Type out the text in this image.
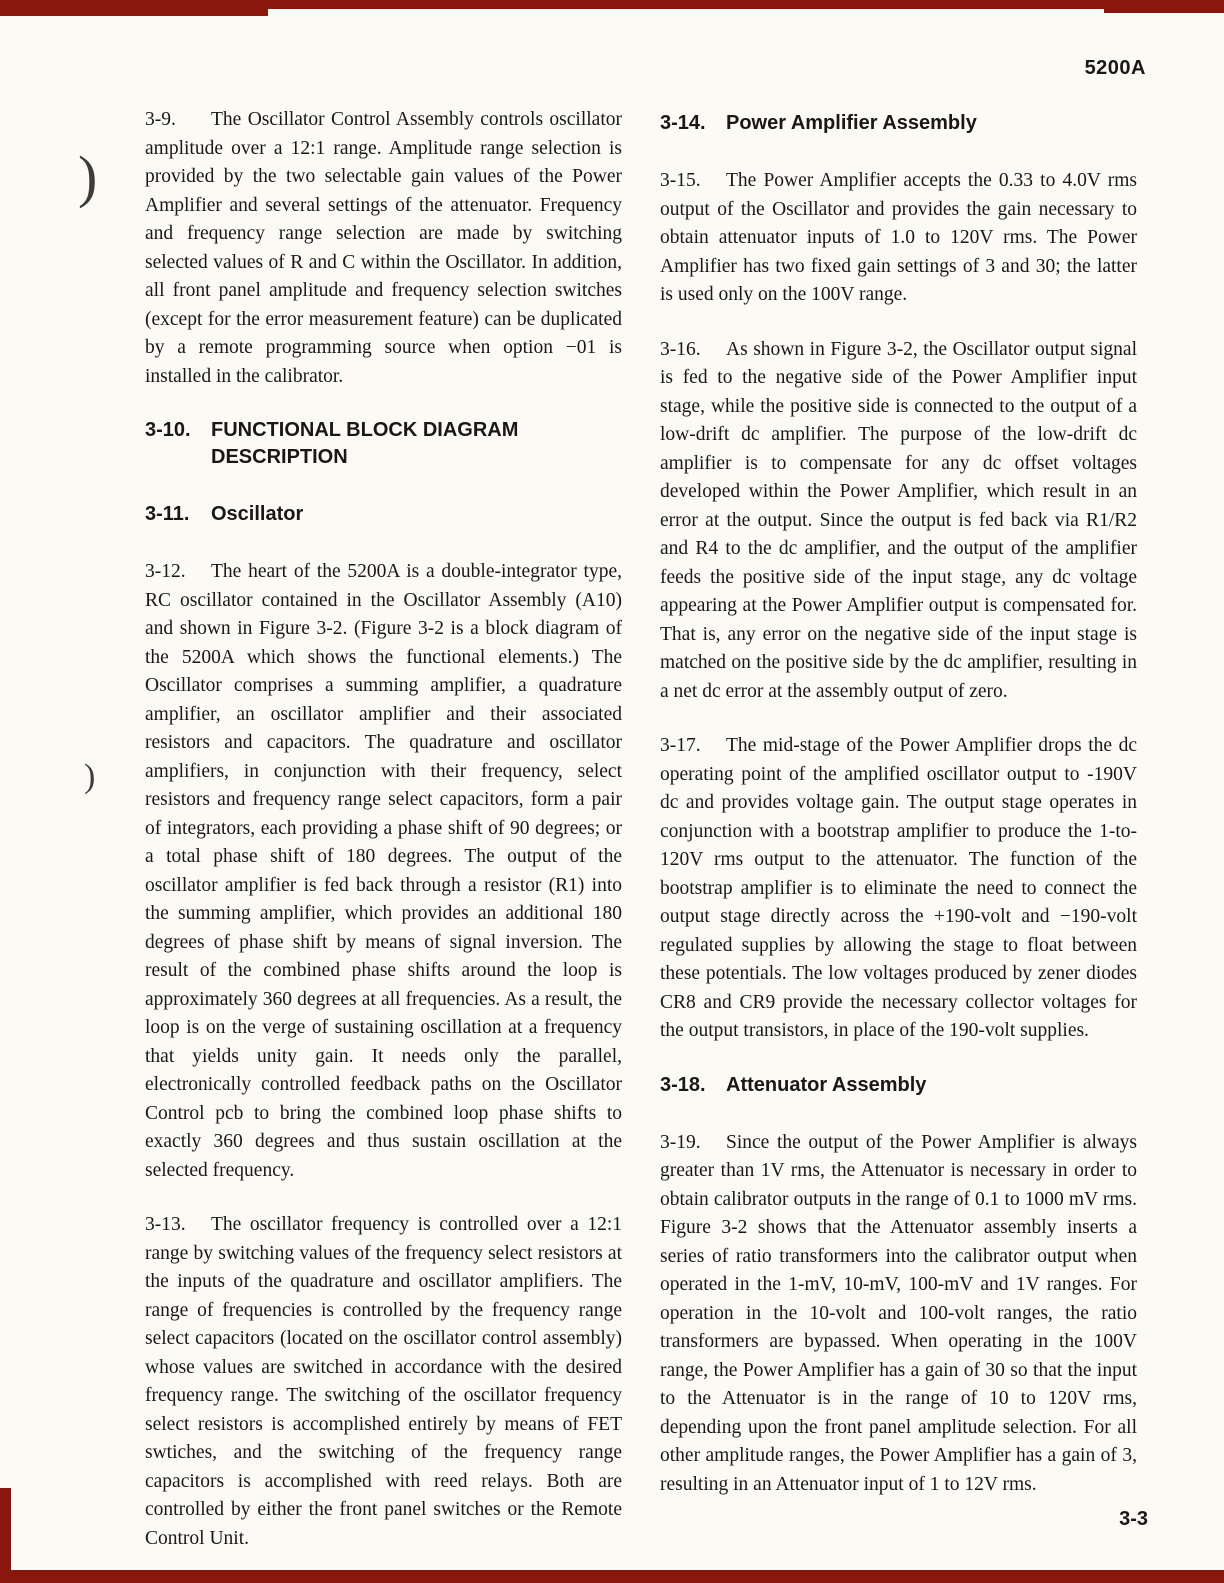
)
)
5200A

3-9. The Oscillator Control Assembly controls oscillator amplitude over a 12:1 range. Amplitude range selection is provided by the two selectable gain values of the Power Amplifier and several settings of the attenuator. Frequency and frequency range selection are made by switching selected values of R and C within the Oscillator. In addition, all front panel amplitude and frequency selection switches (except for the error measurement feature) can be duplicated by a remote programming source when option −01 is installed in the calibrator.

3-10.	FUNCTIONAL BLOCK DIAGRAM DESCRIPTION
3-11.	Oscillator

3-12. The heart of the 5200A is a double-integrator type, RC oscillator contained in the Oscillator Assembly (A10) and shown in Figure 3-2. (Figure 3-2 is a block diagram of the 5200A which shows the functional elements.) The Oscillator comprises a summing amplifier, a quadrature amplifier, an oscillator amplifier and their associated resistors and capacitors. The quadrature and oscillator amplifiers, in conjunction with their frequency, select resistors and frequency range select capacitors, form a pair of integrators, each providing a phase shift of 90 degrees; or a total phase shift of 180 degrees. The output of the oscillator amplifier is fed back through a resistor (R1) into the summing amplifier, which provides an additional 180 degrees of phase shift by means of signal inversion. The result of the combined phase shifts around the loop is approximately 360 degrees at all frequencies. As a result, the loop is on the verge of sustaining oscillation at a frequency that yields unity gain. It needs only the parallel, electronically controlled feedback paths on the Oscillator Control pcb to bring the combined loop phase shifts to exactly 360 degrees and thus sustain oscillation at the selected frequency.

3-13. The oscillator frequency is controlled over a 12:1 range by switching values of the frequency select resistors at the inputs of the quadrature and oscillator amplifiers. The range of frequencies is controlled by the frequency range select capacitors (located on the oscillator control assembly) whose values are switched in accordance with the desired frequency range. The switching of the oscillator frequency select resistors is accomplished entirely by means of FET swtiches, and the switching of the frequency range capacitors is accomplished with reed relays. Both are controlled by either the front panel switches or the Remote Control Unit.

3-14.	Power Amplifier Assembly

3-15. The Power Amplifier accepts the 0.33 to 4.0V rms output of the Oscillator and provides the gain necessary to obtain attenuator inputs of 1.0 to 120V rms. The Power Amplifier has two fixed gain settings of 3 and 30; the latter is used only on the 100V range.

3-16. As shown in Figure 3-2, the Oscillator output signal is fed to the negative side of the Power Amplifier input stage, while the positive side is connected to the output of a low-drift dc amplifier. The purpose of the low-drift dc amplifier is to compensate for any dc offset voltages developed within the Power Amplifier, which result in an error at the output. Since the output is fed back via R1/R2 and R4 to the dc amplifier, and the output of the amplifier feeds the positive side of the input stage, any dc voltage appearing at the Power Amplifier output is compensated for. That is, any error on the negative side of the input stage is matched on the positive side by the dc amplifier, resulting in a net dc error at the assembly output of zero.

3-17. The mid-stage of the Power Amplifier drops the dc operating point of the amplified oscillator output to -190V dc and provides voltage gain. The output stage operates in conjunction with a bootstrap amplifier to produce the 1-to-120V rms output to the attenuator. The function of the bootstrap amplifier is to eliminate the need to connect the output stage directly across the +190-volt and −190-volt regulated supplies by allowing the stage to float between these potentials. The low voltages produced by zener diodes CR8 and CR9 provide the necessary collector voltages for the output transistors, in place of the 190-volt supplies.

3-18.	Attenuator Assembly

3-19. Since the output of the Power Amplifier is always greater than 1V rms, the Attenuator is necessary in order to obtain calibrator outputs in the range of 0.1 to 1000 mV rms. Figure 3-2 shows that the Attenuator assembly inserts a series of ratio transformers into the calibrator output when operated in the 1-mV, 10-mV, 100-mV and 1V ranges. For operation in the 10-volt and 100-volt ranges, the ratio transformers are bypassed. When operating in the 100V range, the Power Amplifier has a gain of 30 so that the input to the Attenuator is in the range of 10 to 120V rms, depending upon the front panel amplitude selection. For all other amplitude ranges, the Power Amplifier has a gain of 3, resulting in an Attenuator input of 1 to 12V rms.

3-3
